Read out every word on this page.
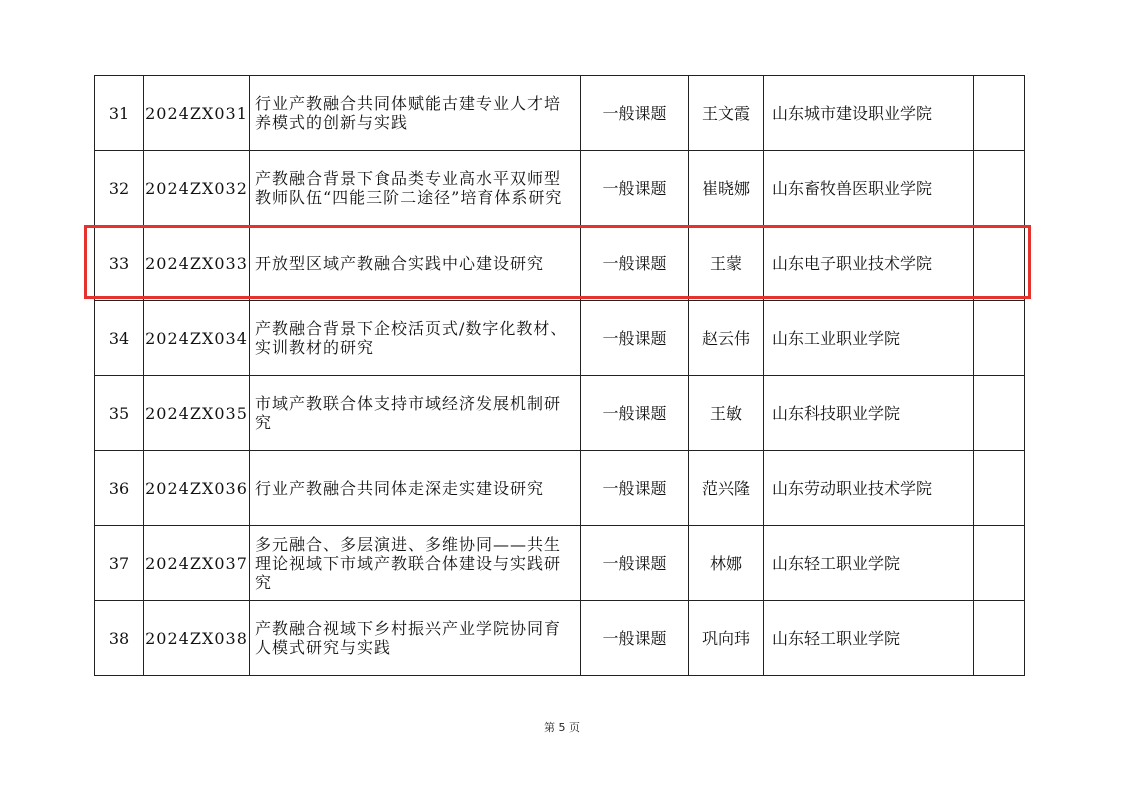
31	2024ZX031	行业产教融合共同体赋能古建专业人才培养模式的创新与实践	一般课题	王文霞	山东城市建设职业学院	
32	2024ZX032	产教融合背景下食品类专业高水平双师型教师队伍“四能三阶二途径”培育体系研究	一般课题	崔晓娜	山东畜牧兽医职业学院	
33	2024ZX033	开放型区域产教融合实践中心建设研究	一般课题	王蒙	山东电子职业技术学院	
34	2024ZX034	产教融合背景下企校活页式/数字化教材、实训教材的研究	一般课题	赵云伟	山东工业职业学院	
35	2024ZX035	市域产教联合体支持市域经济发展机制研究	一般课题	王敏	山东科技职业学院	
36	2024ZX036	行业产教融合共同体走深走实建设研究	一般课题	范兴隆	山东劳动职业技术学院	
37	2024ZX037	多元融合、多层演进、多维协同——共生理论视域下市域产教联合体建设与实践研究	一般课题	林娜	山东轻工职业学院	
38	2024ZX038	产教融合视域下乡村振兴产业学院协同育人模式研究与实践	一般课题	巩向玮	山东轻工职业学院	
第 5 页
